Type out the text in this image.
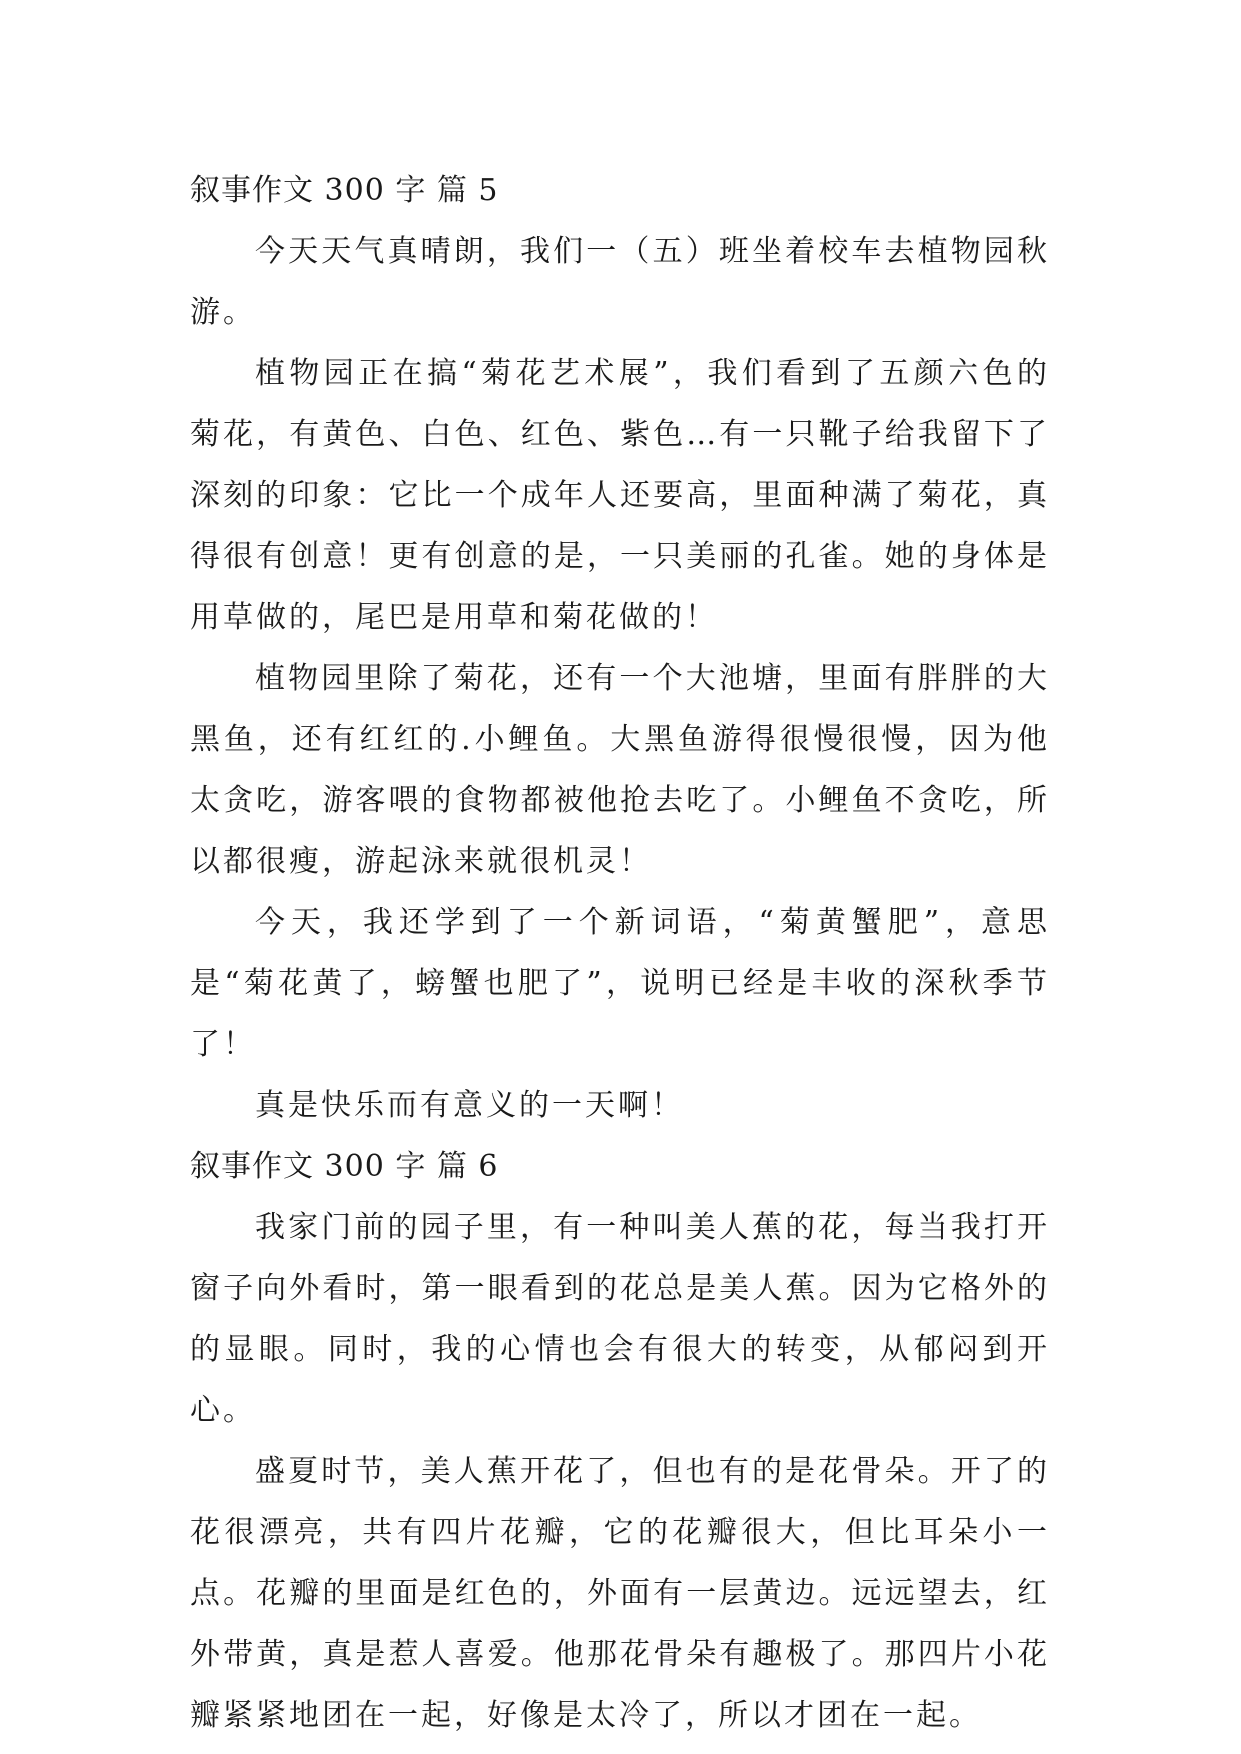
叙事作文 300 字 篇 5

今天天气真晴朗，我们一（五）班坐着校车去植物园秋游。

植物园正在搞“菊花艺术展”，我们看到了五颜六色的菊花，有黄色、白色、红色、紫色…有一只靴子给我留下了深刻的印象：它比一个成年人还要高，里面种满了菊花，真得很有创意！更有创意的是，一只美丽的孔雀。她的身体是用草做的，尾巴是用草和菊花做的！

植物园里除了菊花，还有一个大池塘，里面有胖胖的大黑鱼，还有红红的.小鲤鱼。大黑鱼游得很慢很慢，因为他太贪吃，游客喂的食物都被他抢去吃了。小鲤鱼不贪吃，所以都很瘦，游起泳来就很机灵！

今天，我还学到了一个新词语，“菊黄蟹肥”，意思是“菊花黄了，螃蟹也肥了”，说明已经是丰收的深秋季节了！

真是快乐而有意义的一天啊！

叙事作文 300 字 篇 6

我家门前的园子里，有一种叫美人蕉的花，每当我打开窗子向外看时，第一眼看到的花总是美人蕉。因为它格外的的显眼。同时，我的心情也会有很大的转变，从郁闷到开心。

盛夏时节，美人蕉开花了，但也有的是花骨朵。开了的花很漂亮，共有四片花瓣，它的花瓣很大，但比耳朵小一点。花瓣的里面是红色的，外面有一层黄边。远远望去，红外带黄，真是惹人喜爱。他那花骨朵有趣极了。那四片小花瓣紧紧地团在一起，好像是太冷了，所以才团在一起。
